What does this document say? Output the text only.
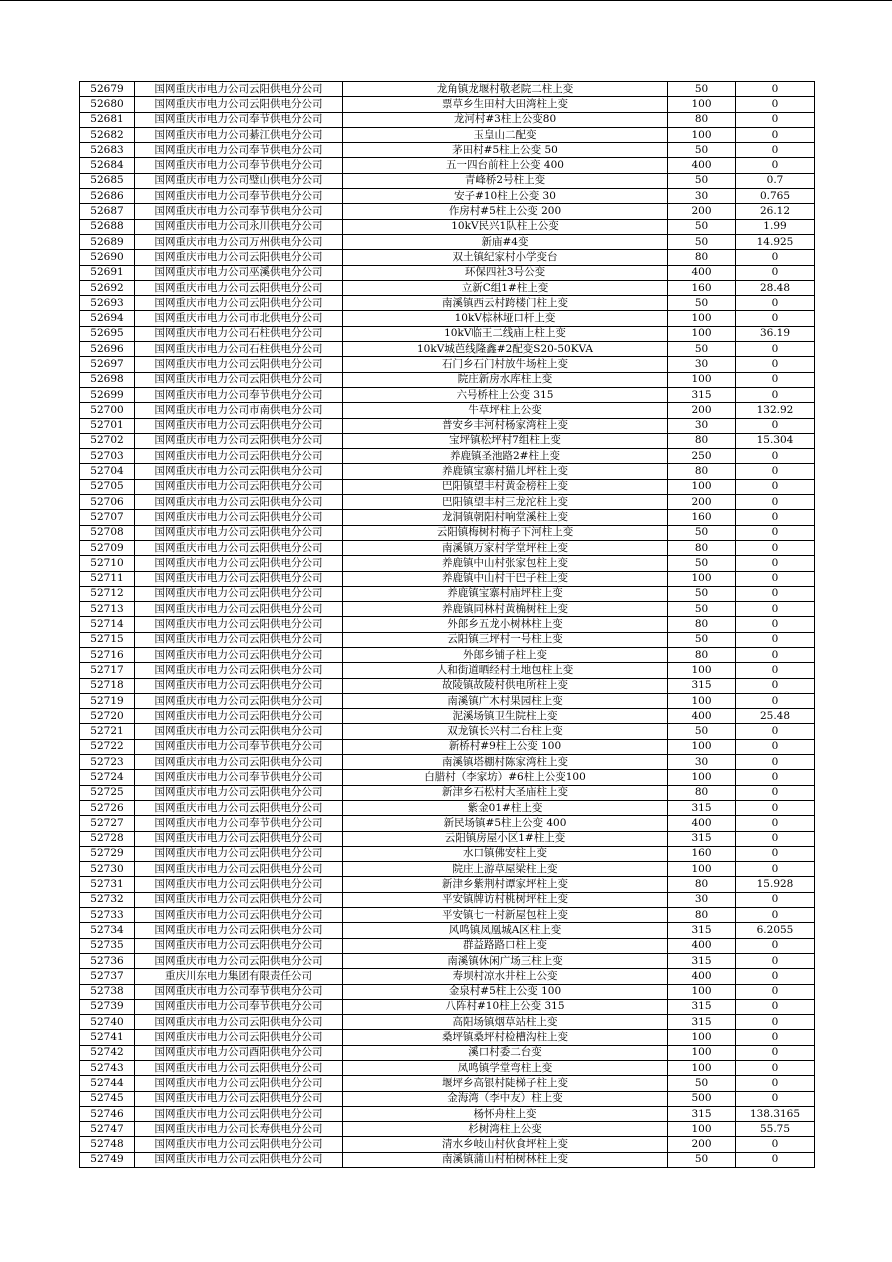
52679	国网重庆市电力公司云阳供电分公司	龙角镇龙堰村敬老院二柱上变	50	0
52680	国网重庆市电力公司云阳供电分公司	票草乡生田村大田湾柱上变	100	0
52681	国网重庆市电力公司奉节供电分公司	龙河村#3柱上公变80	80	0
52682	国网重庆市电力公司綦江供电分公司	玉皇山二配变	100	0
52683	国网重庆市电力公司奉节供电分公司	茅田村#5柱上公变 50	50	0
52684	国网重庆市电力公司奉节供电分公司	五一四台前柱上公变 400	400	0
52685	国网重庆市电力公司璧山供电分公司	青峰桥2号柱上变	50	0.7
52686	国网重庆市电力公司奉节供电分公司	安子#10柱上公变 30	30	0.765
52687	国网重庆市电力公司奉节供电分公司	作房村#5柱上公变 200	200	26.12
52688	国网重庆市电力公司永川供电分公司	10kV民兴1队柱上公变	50	1.99
52689	国网重庆市电力公司万州供电分公司	新庙#4变	50	14.925
52690	国网重庆市电力公司云阳供电分公司	双土镇纪家村小学变台	80	0
52691	国网重庆市电力公司巫溪供电分公司	环保四社3号公变	400	0
52692	国网重庆市电力公司云阳供电分公司	立新C组1#柱上变	160	28.48
52693	国网重庆市电力公司云阳供电分公司	南溪镇西云村跨楼门柱上变	50	0
52694	国网重庆市电力公司市北供电分公司	10kV棕林垭口杆上变	100	0
52695	国网重庆市电力公司石柱供电分公司	10kV临王二线庙上柱上变	100	36.19
52696	国网重庆市电力公司石柱供电分公司	10kV城芭线隆鑫#2配变S20-50KVA	50	0
52697	国网重庆市电力公司云阳供电分公司	石门乡石门村放牛场柱上变	30	0
52698	国网重庆市电力公司云阳供电分公司	院庄新房水库柱上变	100	0
52699	国网重庆市电力公司奉节供电分公司	六号桥柱上公变 315	315	0
52700	国网重庆市电力公司市南供电分公司	牛草坪柱上公变	200	132.92
52701	国网重庆市电力公司云阳供电分公司	普安乡丰河村杨家湾柱上变	30	0
52702	国网重庆市电力公司云阳供电分公司	宝坪镇松坪村7组柱上变	80	15.304
52703	国网重庆市电力公司云阳供电分公司	养鹿镇圣池路2#柱上变	250	0
52704	国网重庆市电力公司云阳供电分公司	养鹿镇宝寨村猫儿坪柱上变	80	0
52705	国网重庆市电力公司云阳供电分公司	巴阳镇望丰村黄金榜柱上变	100	0
52706	国网重庆市电力公司云阳供电分公司	巴阳镇望丰村三龙沱柱上变	200	0
52707	国网重庆市电力公司云阳供电分公司	龙洞镇朝阳村响堂溪柱上变	160	0
52708	国网重庆市电力公司云阳供电分公司	云阳镇梅树村梅子下河柱上变	50	0
52709	国网重庆市电力公司云阳供电分公司	南溪镇万家村学堂坪柱上变	80	0
52710	国网重庆市电力公司云阳供电分公司	养鹿镇中山村张家包柱上变	50	0
52711	国网重庆市电力公司云阳供电分公司	养鹿镇中山村干巴子柱上变	100	0
52712	国网重庆市电力公司云阳供电分公司	养鹿镇宝寨村庙坪柱上变	50	0
52713	国网重庆市电力公司云阳供电分公司	养鹿镇同林村黄桷树柱上变	50	0
52714	国网重庆市电力公司云阳供电分公司	外郎乡五龙小树林柱上变	80	0
52715	国网重庆市电力公司云阳供电分公司	云阳镇三坪村一号柱上变	50	0
52716	国网重庆市电力公司云阳供电分公司	外郎乡铺子柱上变	80	0
52717	国网重庆市电力公司云阳供电分公司	人和街道晒经村土地包柱上变	100	0
52718	国网重庆市电力公司云阳供电分公司	故陵镇故陵村供电所柱上变	315	0
52719	国网重庆市电力公司云阳供电分公司	南溪镇广木村果园柱上变	100	0
52720	国网重庆市电力公司云阳供电分公司	泥溪场镇卫生院柱上变	400	25.48
52721	国网重庆市电力公司云阳供电分公司	双龙镇长兴村二台柱上变	50	0
52722	国网重庆市电力公司奉节供电分公司	新桥村#9柱上公变 100	100	0
52723	国网重庆市电力公司云阳供电分公司	南溪镇塔棚村陈家湾柱上变	30	0
52724	国网重庆市电力公司奉节供电分公司	白腊村（李家坊）#6柱上公变100	100	0
52725	国网重庆市电力公司云阳供电分公司	新津乡石松村大圣庙柱上变	80	0
52726	国网重庆市电力公司云阳供电分公司	紫金01#柱上变	315	0
52727	国网重庆市电力公司奉节供电分公司	新民场镇#5柱上公变 400	400	0
52728	国网重庆市电力公司云阳供电分公司	云阳镇房屋小区1#柱上变	315	0
52729	国网重庆市电力公司云阳供电分公司	水口镇佛安柱上变	160	0
52730	国网重庆市电力公司云阳供电分公司	院庄上游草屋梁柱上变	100	0
52731	国网重庆市电力公司云阳供电分公司	新津乡紫荆村谭家坪柱上变	80	15.928
52732	国网重庆市电力公司云阳供电分公司	平安镇牌访村桃树坪柱上变	30	0
52733	国网重庆市电力公司云阳供电分公司	平安镇七一村新屋包柱上变	80	0
52734	国网重庆市电力公司云阳供电分公司	风鸣镇凤凰城A区柱上变	315	6.2055
52735	国网重庆市电力公司云阳供电分公司	群益路路口柱上变	400	0
52736	国网重庆市电力公司云阳供电分公司	南溪镇休闲广场三柱上变	315	0
52737	重庆川东电力集团有限责任公司	寿坝村凉水井柱上公变	400	0
52738	国网重庆市电力公司奉节供电分公司	金泉村#5柱上公变 100	100	0
52739	国网重庆市电力公司奉节供电分公司	八阵村#10柱上公变 315	315	0
52740	国网重庆市电力公司云阳供电分公司	高阳场镇烟草站柱上变	315	0
52741	国网重庆市电力公司云阳供电分公司	桑坪镇桑坪村检槽沟柱上变	100	0
52742	国网重庆市电力公司酉阳供电分公司	溪口村委二台变	100	0
52743	国网重庆市电力公司云阳供电分公司	凤鸣镇学堂弯柱上变	100	0
52744	国网重庆市电力公司云阳供电分公司	堰坪乡高银村陡梯子柱上变	50	0
52745	国网重庆市电力公司云阳供电分公司	金海湾（李中友）柱上变	500	0
52746	国网重庆市电力公司云阳供电分公司	杨怀舟柱上变	315	138.3165
52747	国网重庆市电力公司长寿供电分公司	杉树湾柱上公变	100	55.75
52748	国网重庆市电力公司云阳供电分公司	清水乡岐山村伙食坪柱上变	200	0
52749	国网重庆市电力公司云阳供电分公司	南溪镇蒲山村柏树林柱上变	50	0
